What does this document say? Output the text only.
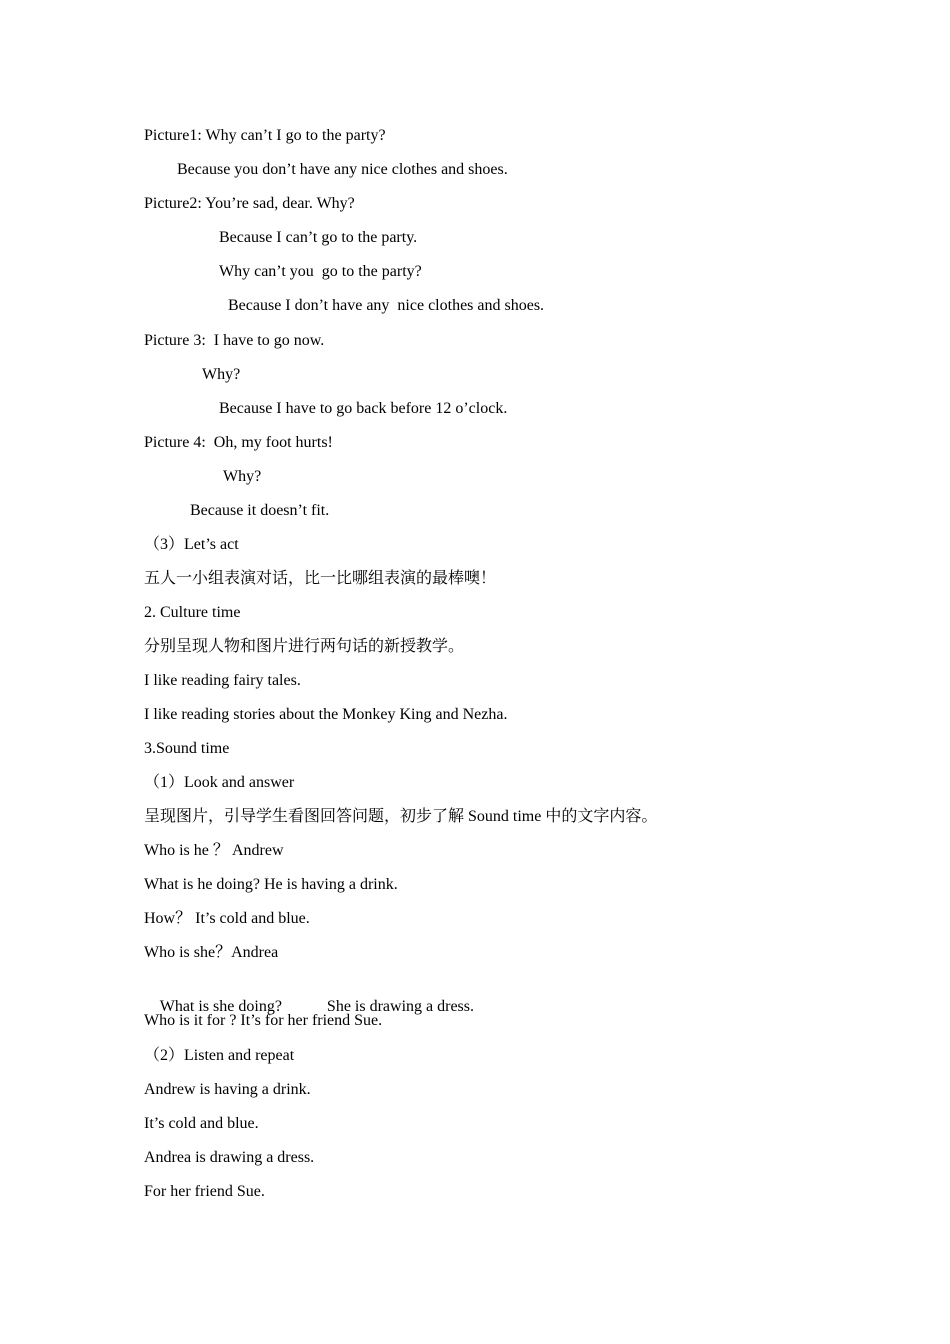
Picture1: Why can’t I go to the party?
Because you don’t have any nice clothes and shoes.
Picture2: You’re sad, dear. Why?
Because I can’t go to the party.
Why can’t you  go to the party?
Because I don’t have any  nice clothes and shoes.
Picture 3:  I have to go now.
Why?
Because I have to go back before 12 o’clock.
Picture 4:  Oh, my foot hurts!
Why?
Because it doesn’t fit.
（3）Let’s act
五人一小组表演对话，比一比哪组表演的最棒噢！
2. Culture time
分别呈现人物和图片进行两句话的新授教学。
I like reading fairy tales.
I like reading stories about the Monkey King and Nezha.
3.Sound time
（1）Look and answer
呈现图片，引导学生看图回答问题，初步了解 Sound time 中的文字内容。
Who is he ？ Andrew
What is he doing? He is having a drink.
How？ It’s cold and blue.
Who is she？Andrea

What is she doing?	She is drawing a dress.

Who is it for ? It’s for her friend Sue.
（2）Listen and repeat
Andrew is having a drink.
It’s cold and blue.
Andrea is drawing a dress.
For her friend Sue.
